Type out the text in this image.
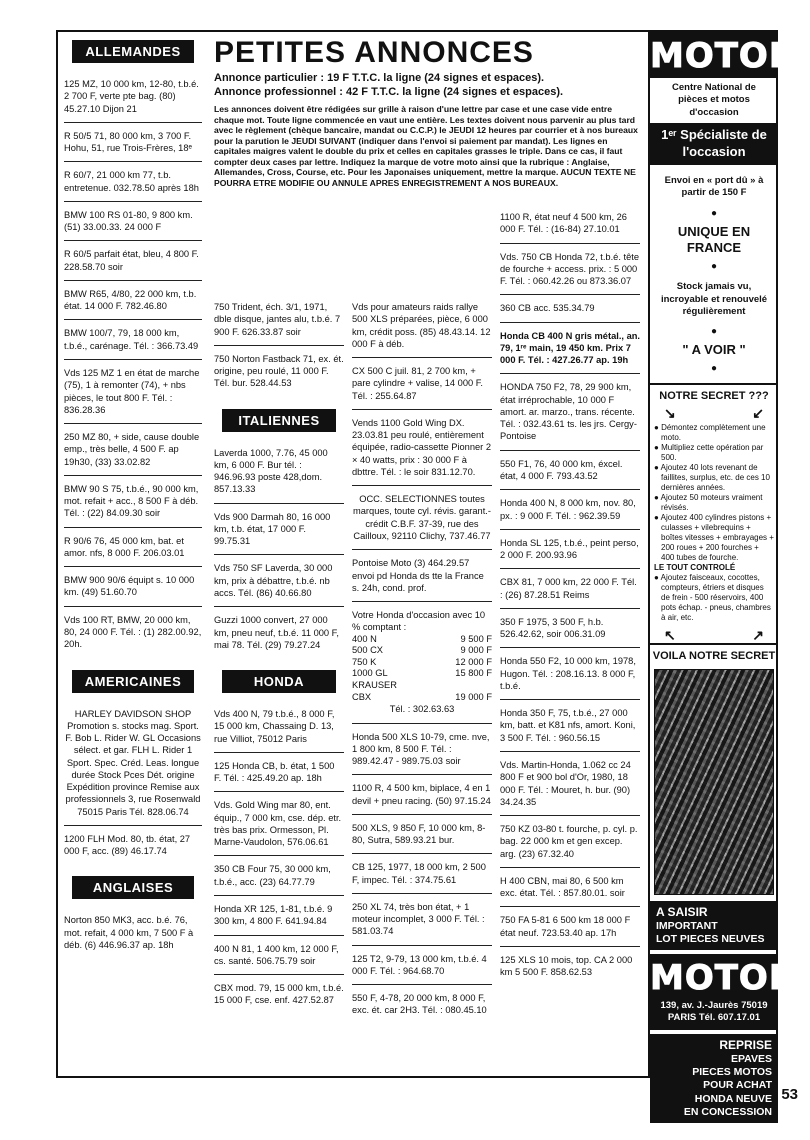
ALLEMANDES
125 MZ, 10 000 km, 12-80, t.b.é. 2 700 F, verte pte bag. (80) 45.27.10 Dijon 21
R 50/5 71, 80 000 km, 3 700 F. Hohu, 51, rue Trois-Frères, 18ᵉ
R 60/7, 21 000 km 77, t.b. entretenue. 032.78.50 après 18h
BMW 100 RS 01-80, 9 800 km. (51) 33.00.33. 24 000 F
R 60/5 parfait état, bleu, 4 800 F. 228.58.70 soir
BMW R65, 4/80, 22 000 km, t.b. état. 14 000 F. 782.46.80
BMW 100/7, 79, 18 000 km, t.b.é., carénage. Tél. : 366.73.49
Vds 125 MZ 1 en état de marche (75), 1 à remonter (74), + nbs pièces, le tout 800 F. Tél. : 836.28.36
250 MZ 80, + side, cause double emp., très belle, 4 500 F. ap 19h30, (33) 33.02.82
BMW 90 S 75, t.b.é., 90 000 km, mot. refait + acc., 8 500 F à déb. Tél. : (22) 84.09.30 soir
R 90/6 76, 45 000 km, bat. et amor. nfs, 8 000 F. 206.03.01
BMW 900 90/6 équipt s. 10 000 km. (49) 51.60.70
Vds 100 RT, BMW, 20 000 km, 80, 24 000 F. Tél. : (1) 282.00.92, 20h.
AMERICAINES
HARLEY DAVIDSON SHOP Promotion s. stocks mag. Sport. F. Bob L. Rider W. GL Occasions sélect. et gar. FLH L. Rider 1 Sport. Spec. Créd. Leas. longue durée Stock Pces Dét. origine Expédition province Remise aux professionnels 3, rue Rosenwald 75015 Paris Tél. 828.06.74
1200 FLH Mod. 80, tb. état, 27 000 F, acc. (89) 46.17.74
ANGLAISES
Norton 850 MK3, acc. b.é. 76, mot. refait, 4 000 km, 7 500 F à déb. (6) 446.96.37 ap. 18h
PETITES ANNONCES
Annonce particulier : 19 F T.T.C. la ligne (24 signes et espaces).
Annonce professionnel : 42 F T.T.C. la ligne (24 signes et espaces).
Les annonces doivent être rédigées sur grille à raison d'une lettre par case et une case vide entre chaque mot. Toute ligne commencée en vaut une entière. Les textes doivent nous parvenir au plus tard avec le règlement (chèque bancaire, mandat ou C.C.P.) le JEUDI 12 heures par courrier et à nos bureaux pour la parution le JEUDI SUIVANT (indiquer dans l'envoi si paiement par mandat). Les lignes en capitales maigres valent le double du prix et celles en capitales grasses le triple. Dans ce cas, il faut compter deux cases par lettre. Indiquez la marque de votre moto ainsi que la rubrique : Anglaise, Allemandes, Cross, Course, etc. Pour les Japonaises uniquement, mettre la marque. AUCUN TEXTE NE POURRA ETRE MODIFIE OU ANNULE APRES ENREGISTREMENT A NOS BUREAUX.
750 Trident, éch. 3/1, 1971, dble disque, jantes alu, t.b.é. 7 900 F. 626.33.87 soir
750 Norton Fastback 71, ex. ét. origine, peu roulé, 11 000 F. Tél. bur. 528.44.53
ITALIENNES
Laverda 1000, 7.76, 45 000 km, 6 000 F. Bur tél. : 946.96.93 poste 428,dom. 857.13.33
Vds 900 Darmah 80, 16 000 km, t.b. état, 17 000 F. 99.75.31
Vds 750 SF Laverda, 30 000 km, prix à débattre, t.b.é. nb accs. Tél. (86) 40.66.80
Guzzi 1000 convert, 27 000 km, pneu neuf, t.b.é. 11 000 F, mai 78. Tél. (29) 79.27.24
HONDA
Vds 400 N, 79 t.b.é., 8 000 F, 15 000 km, Chassaing D. 13, rue Villiot, 75012 Paris
125 Honda CB, b. état, 1 500 F. Tél. : 425.49.20 ap. 18h
Vds. Gold Wing mar 80, ent. équip., 7 000 km, cse. dép. etr. très bas prix. Ormesson, Pl. Marne-Vaudolon, 576.06.61
350 CB Four 75, 30 000 km, t.b.é., acc. (23) 64.77.79
Honda XR 125, 1-81, t.b.é. 9 300 km, 4 800 F. 641.94.84
400 N 81, 1 400 km, 12 000 F, cs. santé. 506.75.79 soir
CBX mod. 79, 15 000 km, t.b.é. 15 000 F, cse. enf. 427.52.87
Vds pour amateurs raids rallye 500 XLS préparées, pièce, 6 000 km, crédit poss. (85) 48.43.14. 12 000 F à déb.
CX 500 C juil. 81, 2 700 km, + pare cylindre + valise, 14 000 F. Tél. : 255.64.87
Vends 1100 Gold Wing DX. 23.03.81 peu roulé, entièrement équipée, radio-cassette Pionner 2 × 40 watts, prix : 30 000 F à dbttre. Tél. : le soir 831.12.70.
OCC. SELECTIONNES toutes marques, toute cyl. révis. garant.-crédit C.B.F. 37-39, rue des Cailloux, 92110 Clichy, 737.46.77
Pontoise Moto (3) 464.29.57 envoi pd Honda ds tte la France s. 24h, cond. prof.
Votre Honda d'occasion avec 10 % comptant :
400 N	9 500 F
500 CX	9 000 F
750 K	12 000 F
1000 GL	15 800 F
KRAUSER	
CBX	19 000 F
Tél. : 302.63.63
Honda 500 XLS 10-79, cme. nve, 1 800 km, 8 500 F. Tél. : 989.42.47 - 989.75.03 soir
1100 R, 4 500 km, biplace, 4 en 1 devil + pneu racing. (50) 97.15.24
500 XLS, 9 850 F, 10 000 km, 8-80, Sutra, 589.93.21 bur.
CB 125, 1977, 18 000 km, 2 500 F, impec. Tél. : 374.75.61
250 XL 74, très bon état, + 1 moteur incomplet, 3 000 F. Tél. : 581.03.74
125 T2, 9-79, 13 000 km, t.b.é. 4 000 F. Tél. : 964.68.70
550 F, 4-78, 20 000 km, 8 000 F, exc. ét. car 2H3. Tél. : 080.45.10
1100 R, état neuf 4 500 km, 26 000 F. Tél. : (16-84) 27.10.01
Vds. 750 CB Honda 72, t.b.é. tête de fourche + access. prix. : 5 000 F. Tél. : 060.42.26 ou 873.36.07
360 CB acc. 535.34.79
Honda CB 400 N gris métal., an. 79, 1ʳᵉ main, 19 450 km. Prix 7 000 F. Tél. : 427.26.77 ap. 19h
HONDA 750 F2, 78, 29 900 km, état irréprochable, 10 000 F amort. ar. marzo., trans. récente. Tél. : 032.43.61 ts. les jrs. Cergy-Pontoise
550 F1, 76, 40 000 km, éxcel. état, 4 000 F. 793.43.52
Honda 400 N, 8 000 km, nov. 80, px. : 9 000 F. Tél. : 962.39.59
Honda SL 125, t.b.é., peint perso, 2 000 F. 200.93.96
CBX 81, 7 000 km, 22 000 F. Tél. : (26) 87.28.51 Reims
350 F 1975, 3 500 F, h.b. 526.42.62, soir 006.31.09
Honda 550 F2, 10 000 km, 1978, Hugon. Tél. : 208.16.13. 8 000 F, t.b.é.
Honda 350 F, 75, t.b.é., 27 000 km, batt. et K81 nfs, amort. Koni, 3 500 F. Tél. : 960.56.15
Vds. Martin-Honda, 1.062 cc 24 800 F et 900 bol d'Or, 1980, 18 000 F. Tél. : Mouret, h. bur. (90) 34.24.35
750 KZ 03-80 t. fourche, p. cyl. p. bag. 22 000 km et gen excep. arg. (23) 67.32.40
H 400 CBN, mai 80, 6 500 km exc. état. Tél. : 857.80.01. soir
750 FA 5-81 6 500 km 18 000 F état neuf. 723.53.40 ap. 17h
125 XLS 10 mois, top. CA 2 000 km 5 500 F. 858.62.53
MOTOK
Centre National de pièces et motos d'occasion
1ᵉʳ Spécialiste de l'occasion
Envoi en « port dû » à partir de 150 F
●
UNIQUE EN FRANCE
●
Stock jamais vu, incroyable et renouvelé régulièrement
●
" A VOIR "
●
NOTRE SECRET ???
↘	↙
● Démontez complètement une moto.
● Multipliez cette opération par 500.
● Ajoutez 40 lots revenant de faillites, surplus, etc. de ces 10 dernières années.
● Ajoutez 50 moteurs vraiment révisés.
● Ajoutez 400 cylindres pistons + culasses + vilebrequins + boîtes vitesses + embrayages + 200 roues + 200 fourches + 400 tubes de fourche.
LE TOUT CONTROLÉ
● Ajoutez faisceaux, cocottes, compteurs, étriers et disques de frein - 500 réservoirs, 400 pots échap. - pneus, chambres à air, etc.
↖	↗
VOILA NOTRE SECRET
A SAISIR
IMPORTANT
LOT PIECES NEUVES
MOTOK
139, av. J.-Jaurès 75019 PARIS Tél. 607.17.01
REPRISE
EPAVES
PIECES MOTOS
POUR ACHAT
HONDA NEUVE
EN CONCESSION
53
